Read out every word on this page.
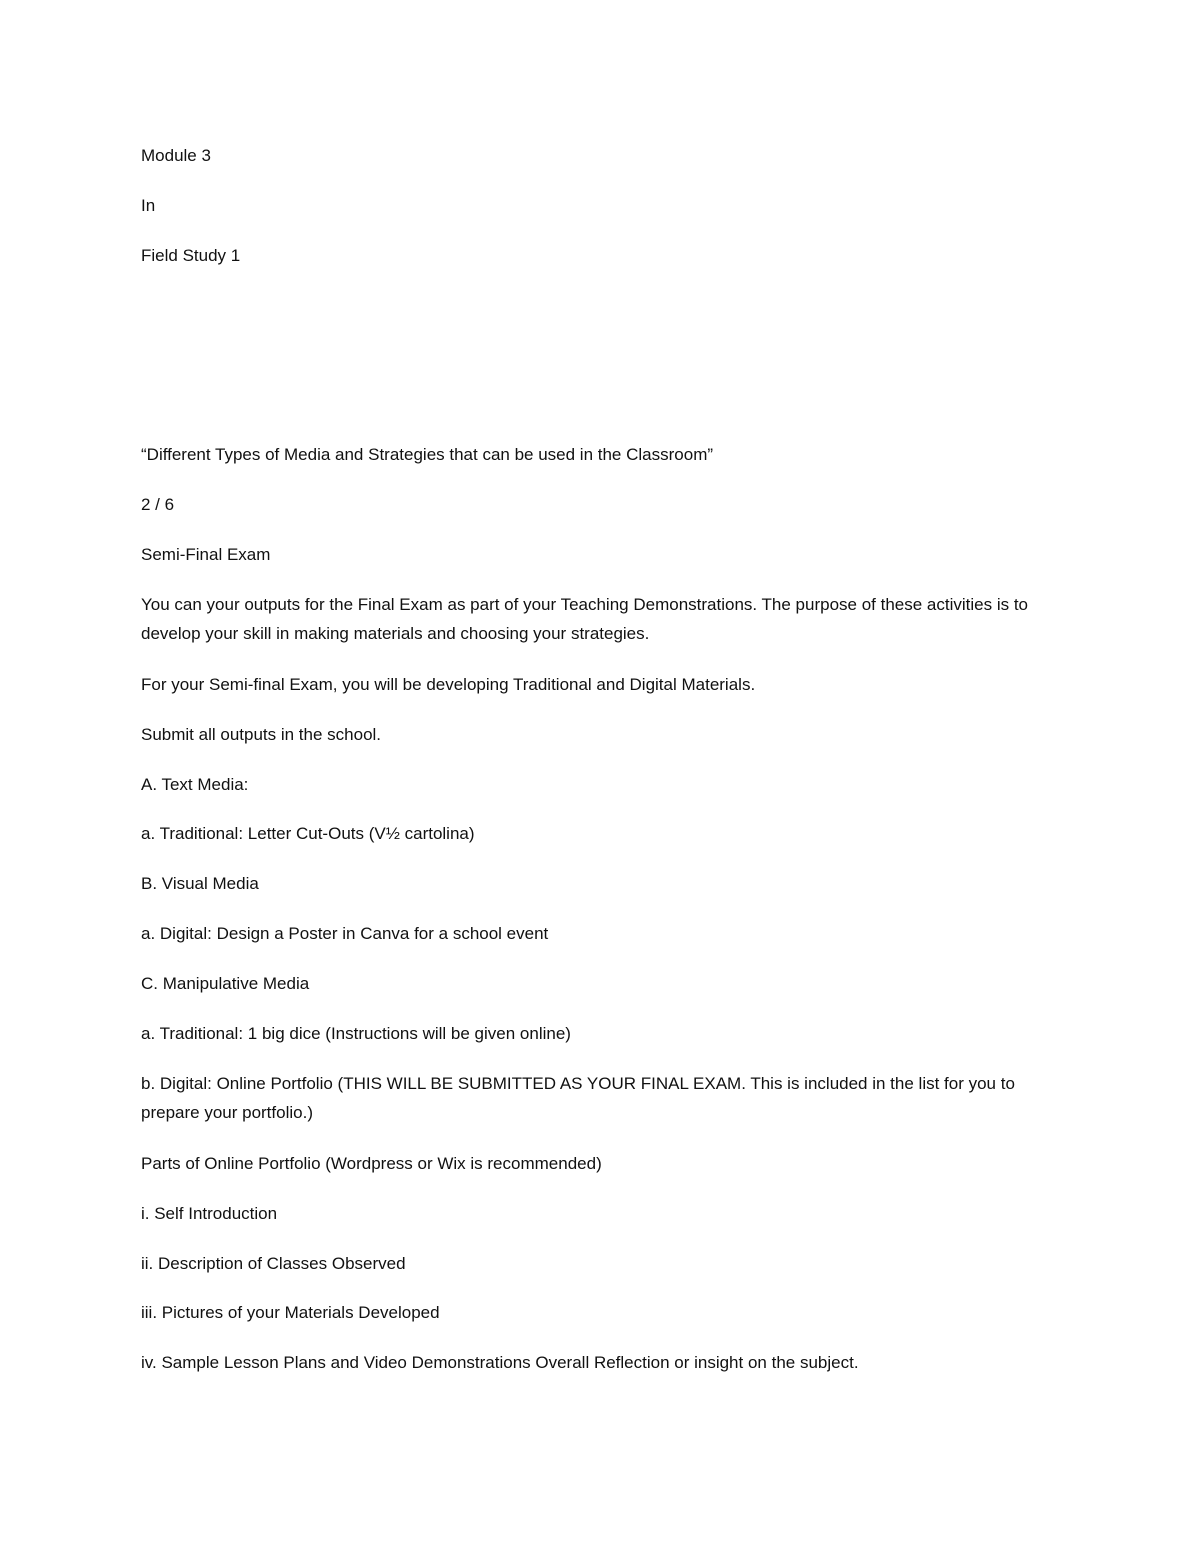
Module 3

In

Field Study 1

“Different Types of Media and Strategies that can be used in the Classroom”

2 / 6

Semi-Final Exam

You can your outputs for the Final Exam as part of your Teaching Demonstrations. The purpose of these activities is to develop your skill in making materials and choosing your strategies.

For your Semi-final Exam, you will be developing Traditional and Digital Materials.

Submit all outputs in the school.

A. Text Media:

a. Traditional: Letter Cut-Outs (V½ cartolina)

B. Visual Media

a. Digital: Design a Poster in Canva for a school event

C. Manipulative Media

a. Traditional: 1 big dice (Instructions will be given online)

b. Digital: Online Portfolio (THIS WILL BE SUBMITTED AS YOUR FINAL EXAM. This is included in the list for you to prepare your portfolio.)

Parts of Online Portfolio (Wordpress or Wix is recommended)

i. Self Introduction

ii. Description of Classes Observed

iii. Pictures of your Materials Developed

iv. Sample Lesson Plans and Video Demonstrations Overall Reflection or insight on the subject.
